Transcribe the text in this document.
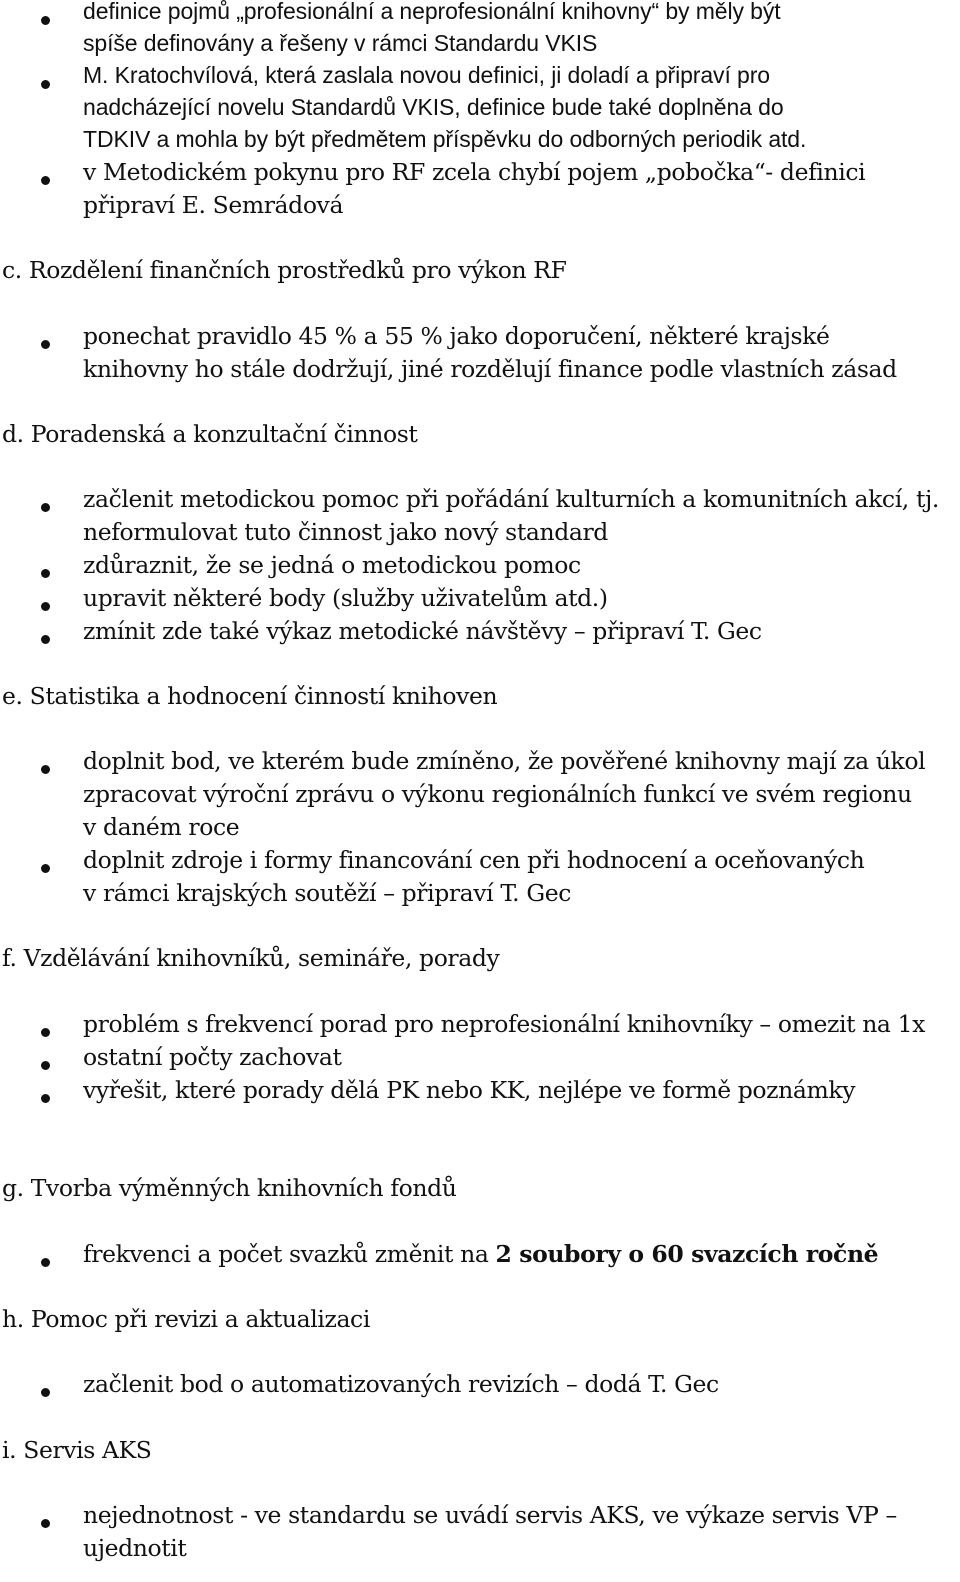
definice pojmů „profesionální a neprofesionální knihovny“ by měly být
spíše definovány a řešeny v rámci Standardu VKIS
M. Kratochvílová, která zaslala novou definici, ji doladí a připraví pro
nadcházející novelu Standardů VKIS, definice bude také doplněna do
TDKIV a mohla by být předmětem příspěvku do odborných periodik atd.
v Metodickém pokynu pro RF zcela chybí pojem „pobočka“- definici
připraví E. Semrádová
c. Rozdělení finančních prostředků pro výkon RF
ponechat pravidlo 45 % a 55 % jako doporučení, některé krajské
knihovny ho stále dodržují, jiné rozdělují finance podle vlastních zásad
d. Poradenská a konzultační činnost
začlenit metodickou pomoc při pořádání kulturních a komunitních akcí, tj.
neformulovat tuto činnost jako nový standard
zdůraznit, že se jedná o metodickou pomoc
upravit některé body (služby uživatelům atd.)
zmínit zde také výkaz metodické návštěvy – připraví T. Gec
e. Statistika a hodnocení činností knihoven
doplnit bod, ve kterém bude zmíněno, že pověřené knihovny mají za úkol
zpracovat výroční zprávu o výkonu regionálních funkcí ve svém regionu
v daném roce
doplnit zdroje i formy financování cen při hodnocení a oceňovaných
v rámci krajských soutěží – připraví T. Gec
f. Vzdělávání knihovníků, semináře, porady
problém s frekvencí porad pro neprofesionální knihovníky – omezit na 1x
ostatní počty zachovat
vyřešit, které porady dělá PK nebo KK, nejlépe ve formě poznámky
g. Tvorba výměnných knihovních fondů
frekvenci a počet svazků změnit na 2 soubory o 60 svazcích ročně
h. Pomoc při revizi a aktualizaci
začlenit bod o automatizovaných revizích – dodá T. Gec
i. Servis AKS
nejednotnost - ve standardu se uvádí servis AKS, ve výkaze servis VP –
ujednotit
